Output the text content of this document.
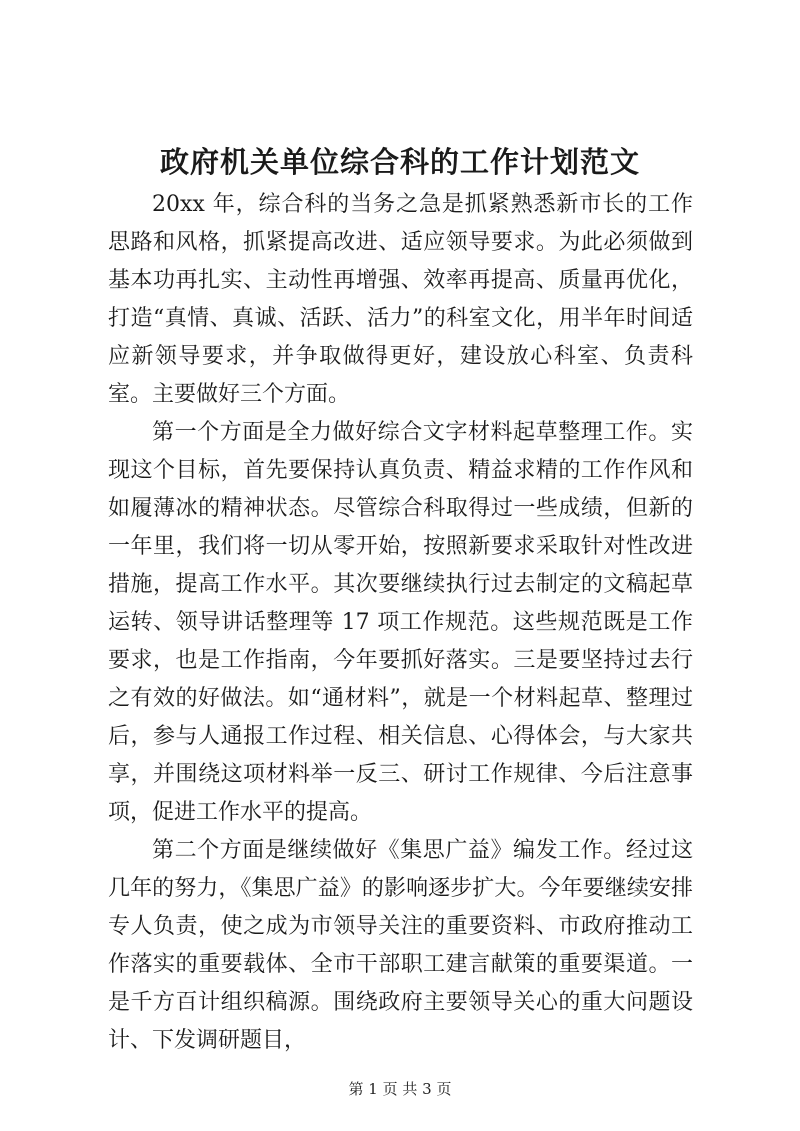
政府机关单位综合科的工作计划范文

20xx 年，综合科的当务之急是抓紧熟悉新市长的工作思路和风格，抓紧提高改进、适应领导要求。为此必须做到基本功再扎实、主动性再增强、效率再提高、质量再优化，打造“真情、真诚、活跃、活力”的科室文化，用半年时间适应新领导要求，并争取做得更好，建设放心科室、负责科室。主要做好三个方面。

第一个方面是全力做好综合文字材料起草整理工作。实现这个目标，首先要保持认真负责、精益求精的工作作风和如履薄冰的精神状态。尽管综合科取得过一些成绩，但新的一年里，我们将一切从零开始，按照新要求采取针对性改进措施，提高工作水平。其次要继续执行过去制定的文稿起草运转、领导讲话整理等 17 项工作规范。这些规范既是工作要求，也是工作指南，今年要抓好落实。三是要坚持过去行之有效的好做法。如“通材料”，就是一个材料起草、整理过后，参与人通报工作过程、相关信息、心得体会，与大家共享，并围绕这项材料举一反三、研讨工作规律、今后注意事项，促进工作水平的提高。

第二个方面是继续做好《集思广益》编发工作。经过这几年的努力，《集思广益》的影响逐步扩大。今年要继续安排专人负责，使之成为市领导关注的重要资料、市政府推动工作落实的重要载体、全市干部职工建言献策的重要渠道。一是千方百计组织稿源。围绕政府主要领导关心的重大问题设计、下发调研题目，

第 1 页 共 3 页
